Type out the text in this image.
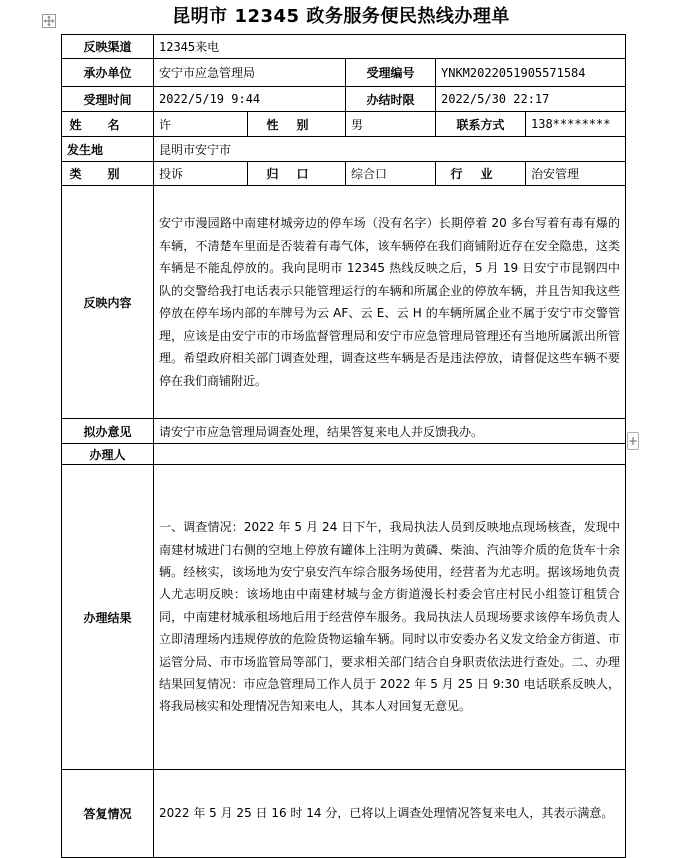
昆明市 12345 政务服务便民热线办理单
反映渠道	12345来电				
承办单位	安宁市应急管理局		受理编号	YNKM2022051905571584	
受理时间	2022/5/19 9:44		办结时限	2022/5/30 22:17	
姓名	许	性别	男	联系方式	138********
发生地	昆明市安宁市				
类别	投诉	归口	综合口	行业	治安管理
反映内容	安宁市漫园路中南建材城旁边的停车场（没有名字）长期停着 20 多台写着有毒有爆的车辆，不清楚车里面是否装着有毒气体，该车辆停在我们商铺附近存在安全隐患，这类车辆是不能乱停放的。我向昆明市 12345 热线反映之后，5 月 19 日安宁市昆钢四中队的交警给我打电话表示只能管理运行的车辆和所属企业的停放车辆，并且告知我这些停放在停车场内部的车牌号为云 AF、云 E、云 H 的车辆所属企业不属于安宁市交警管理，应该是由安宁市的市场监督管理局和安宁市应急管理局管理还有当地所属派出所管理。希望政府相关部门调查处理，调查这些车辆是否是违法停放，请督促这些车辆不要停在我们商铺附近。				
拟办意见	请安宁市应急管理局调查处理，结果答复来电人并反馈我办。				
办理人					
办理结果	一、调查情况：2022 年 5 月 24 日下午，我局执法人员到反映地点现场核查，发现中南建材城进门右侧的空地上停放有罐体上注明为黄磷、柴油、汽油等介质的危货车十余辆。经核实，该场地为安宁泉安汽车综合服务场使用，经营者为尤志明。据该场地负责人尤志明反映：该场地由中南建材城与金方街道漫长村委会官庄村民小组签订租赁合同，中南建材城承租场地后用于经营停车服务。我局执法人员现场要求该停车场负责人立即清理场内违规停放的危险货物运输车辆。同时以市安委办名义发文给金方街道、市运管分局、市市场监管局等部门，要求相关部门结合自身职责依法进行查处。二、办理结果回复情况：市应急管理局工作人员于 2022 年 5 月 25 日 9:30 电话联系反映人，将我局核实和处理情况告知来电人，其本人对回复无意见。				
答复情况	2022 年 5 月 25 日 16 时 14 分，已将以上调查处理情况答复来电人，其表示满意。				
+
